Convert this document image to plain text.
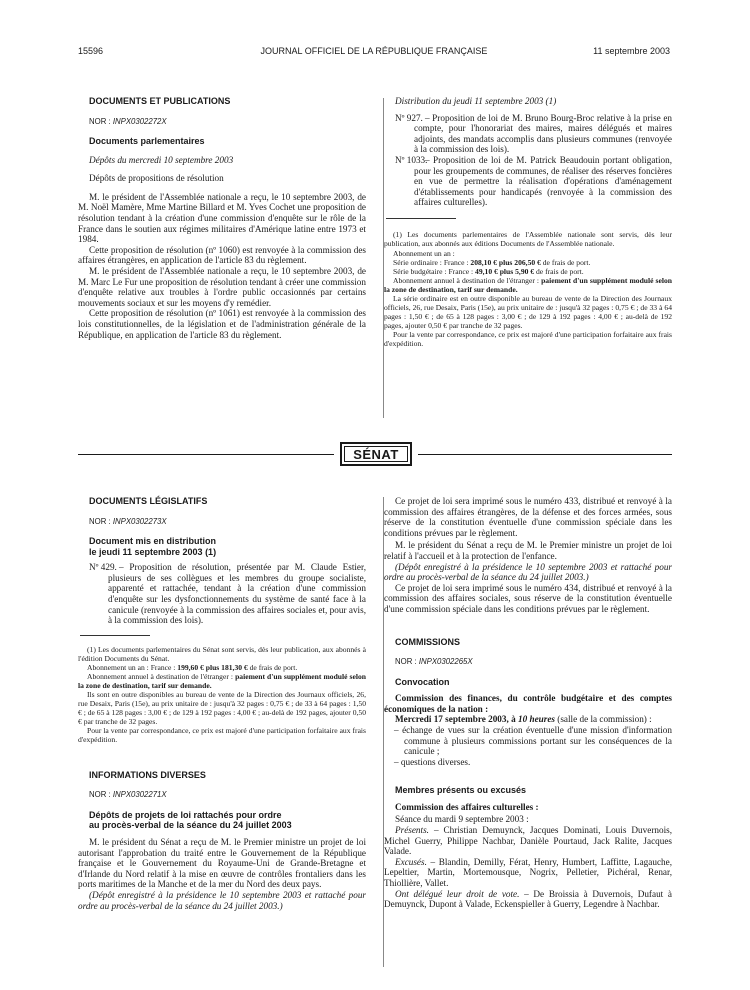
15596	JOURNAL OFFICIEL DE LA RÉPUBLIQUE FRANÇAISE	11 septembre 2003

DOCUMENTS ET PUBLICATIONS

NOR : INPX0302272X

Documents parlementaires

Dépôts du mercredi 10 septembre 2003

Dépôts de propositions de résolution

M. le président de l'Assemblée nationale a reçu, le 10 septembre 2003, de M. Noël Mamère, Mme Martine Billard et M. Yves Cochet une proposition de résolution tendant à la création d'une commission d'enquête sur le rôle de la France dans le soutien aux régimes militaires d'Amérique latine entre 1973 et 1984.

Cette proposition de résolution (nº 1060) est renvoyée à la commission des affaires étrangères, en application de l'article 83 du règlement.

M. le président de l'Assemblée nationale a reçu, le 10 septembre 2003, de M. Marc Le Fur une proposition de résolution tendant à créer une commission d'enquête relative aux troubles à l'ordre public occasionnés par certains mouvements sociaux et sur les moyens d'y remédier.

Cette proposition de résolution (nº 1061) est renvoyée à la commission des lois constitutionnelles, de la législation et de l'administration générale de la République, en application de l'article 83 du règlement.

Distribution du jeudi 11 septembre 2003 (1)

Nº 927. – Proposition de loi de M. Bruno Bourg-Broc relative à la prise en compte, pour l'honorariat des maires, maires délégués et maires adjoints, des mandats accomplis dans plusieurs communes (renvoyée à la commission des lois).

Nº 1033.
– Proposition de loi de M. Patrick Beaudouin portant obligation, pour les groupements de communes, de réaliser des réserves foncières en vue de permettre la réalisation d'opérations d'aménagement d'établissements pour handicapés (renvoyée à la commission des affaires culturelles).

(1) Les documents parlementaires de l'Assemblée nationale sont servis, dès leur publication, aux abonnés aux éditions Documents de l'Assemblée nationale.

Abonnement un an :

Série ordinaire : France : 208,10 € plus 206,50 € de frais de port.

Série budgétaire : France : 49,10 € plus 5,90 € de frais de port.

Abonnement annuel à destination de l'étranger : paiement d'un supplément modulé selon la zone de destination, tarif sur demande.

La série ordinaire est en outre disponible au bureau de vente de la Direction des Journaux officiels, 26, rue Desaix, Paris (15e), au prix unitaire de : jusqu'à 32 pages : 0,75 € ; de 33 à 64 pages : 1,50 € ; de 65 à 128 pages : 3,00 € ; de 129 à 192 pages : 4,00 € ; au-delà de 192 pages, ajouter 0,50 € par tranche de 32 pages.

Pour la vente par correspondance, ce prix est majoré d'une participation forfaitaire aux frais d'expédition.

SÉNAT

DOCUMENTS LÉGISLATIFS

NOR : INPX0302273X

Document mis en distribution

le jeudi 11 septembre 2003 (1)

Nº 429. – Proposition de résolution, présentée par M. Claude Estier, plusieurs de ses collègues et les membres du groupe socialiste, apparenté et rattachée, tendant à la création d'une commission d'enquête sur les dysfonctionnements du système de santé face à la canicule (renvoyée à la commission des affaires sociales et, pour avis, à la commission des lois).

(1) Les documents parlementaires du Sénat sont servis, dès leur publication, aux abonnés à l'édition Documents du Sénat.

Abonnement un an : France : 199,60 € plus 181,30 € de frais de port.

Abonnement annuel à destination de l'étranger : paiement d'un supplément modulé selon la zone de destination, tarif sur demande.

Ils sont en outre disponibles au bureau de vente de la Direction des Journaux officiels, 26, rue Desaix, Paris (15e), au prix unitaire de : jusqu'à 32 pages : 0,75 € ; de 33 à 64 pages : 1,50 € ; de 65 à 128 pages : 3,00 € ; de 129 à 192 pages : 4,00 € ; au-delà de 192 pages, ajouter 0,50 € par tranche de 32 pages.

Pour la vente par correspondance, ce prix est majoré d'une participation forfaitaire aux frais d'expédition.

INFORMATIONS DIVERSES

NOR : INPX0302271X

Dépôts de projets de loi rattachés pour ordre

au procès-verbal de la séance du 24 juillet 2003

M. le président du Sénat a reçu de M. le Premier ministre un projet de loi autorisant l'approbation du traité entre le Gouvernement de la République française et le Gouvernement du Royaume-Uni de Grande-Bretagne et d'Irlande du Nord relatif à la mise en œuvre de contrôles frontaliers dans les ports maritimes de la Manche et de la mer du Nord des deux pays.

(Dépôt enregistré à la présidence le 10 septembre 2003 et rattaché pour ordre au procès-verbal de la séance du 24 juillet 2003.)

Ce projet de loi sera imprimé sous le numéro 433, distribué et renvoyé à la commission des affaires étrangères, de la défense et des forces armées, sous réserve de la constitution éventuelle d'une commission spéciale dans les conditions prévues par le règlement.

M. le président du Sénat a reçu de M. le Premier ministre un projet de loi relatif à l'accueil et à la protection de l'enfance.

(Dépôt enregistré à la présidence le 10 septembre 2003 et rattaché pour ordre au procès-verbal de la séance du 24 juillet 2003.)

Ce projet de loi sera imprimé sous le numéro 434, distribué et renvoyé à la commission des affaires sociales, sous réserve de la constitution éventuelle d'une commission spéciale dans les conditions prévues par le règlement.

COMMISSIONS

NOR : INPX0302265X

Convocation

Commission des finances, du contrôle budgétaire et des comptes économiques de la nation :

Mercredi 17 septembre 2003, à 10 heures (salle de la commission) :

– échange de vues sur la création éventuelle d'une mission d'information commune à plusieurs commissions portant sur les conséquences de la canicule ;

– questions diverses.

Membres présents ou excusés

Commission des affaires culturelles :

Séance du mardi 9 septembre 2003 :

Présents. – Christian Demuynck, Jacques Dominati, Louis Duvernois, Michel Guerry, Philippe Nachbar, Danièle Pourtaud, Jack Ralite, Jacques Valade.

Excusés. – Blandin, Demilly, Férat, Henry, Humbert, Laffitte, Lagauche, Lepeltier, Martin, Mortemousque, Nogrix, Pelletier, Pichéral, Renar, Thiollière, Vallet.

Ont délégué leur droit de vote. – De Broissia à Duvernois, Dufaut à Demuynck, Dupont à Valade, Eckenspieller à Guerry, Legendre à Nachbar.
